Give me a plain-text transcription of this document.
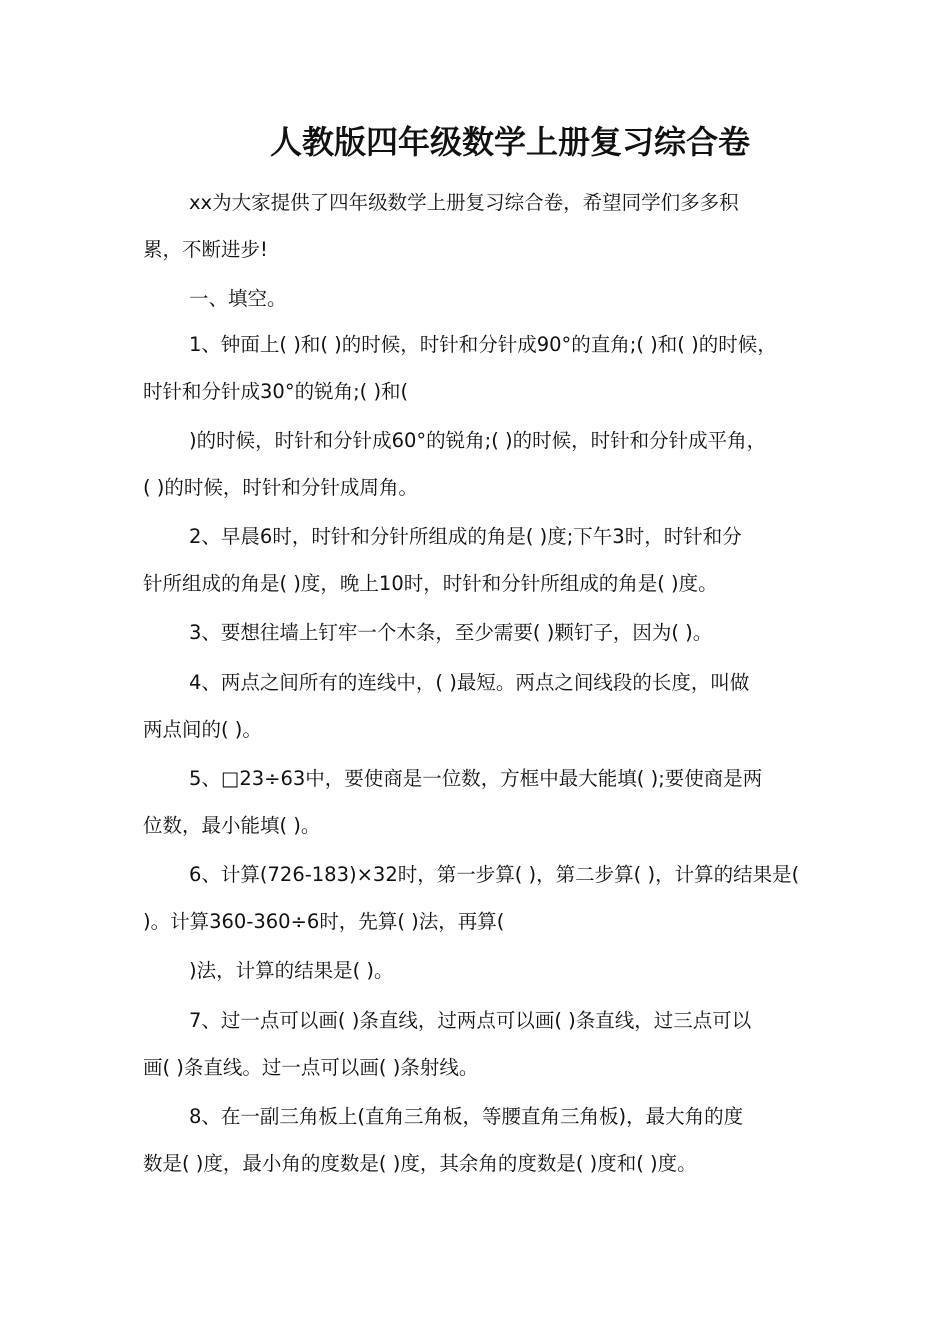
人教版四年级数学上册复习综合卷
xx为大家提供了四年级数学上册复习综合卷，希望同学们多多积
累，不断进步!
一、填空。
1、钟面上( )和( )的时候，时针和分针成90°的直角;( )和( )的时候，
时针和分针成30°的锐角;( )和(
)的时候，时针和分针成60°的锐角;( )的时候，时针和分针成平角，
( )的时候，时针和分针成周角。
2、早晨6时，时针和分针所组成的角是( )度;下午3时，时针和分
针所组成的角是( )度，晚上10时，时针和分针所组成的角是( )度。
3、要想往墙上钉牢一个木条，至少需要( )颗钉子，因为( )。
4、两点之间所有的连线中，( )最短。两点之间线段的长度，叫做
两点间的( )。
5、□23÷63中，要使商是一位数，方框中最大能填( );要使商是两
位数，最小能填( )。
6、计算(726-183)×32时，第一步算( )，第二步算( )，计算的结果是(
)。计算360-360÷6时，先算( )法，再算(
)法，计算的结果是( )。
7、过一点可以画( )条直线，过两点可以画( )条直线，过三点可以
画( )条直线。过一点可以画( )条射线。
8、在一副三角板上(直角三角板，等腰直角三角板)，最大角的度
数是( )度，最小角的度数是( )度，其余角的度数是( )度和( )度。
